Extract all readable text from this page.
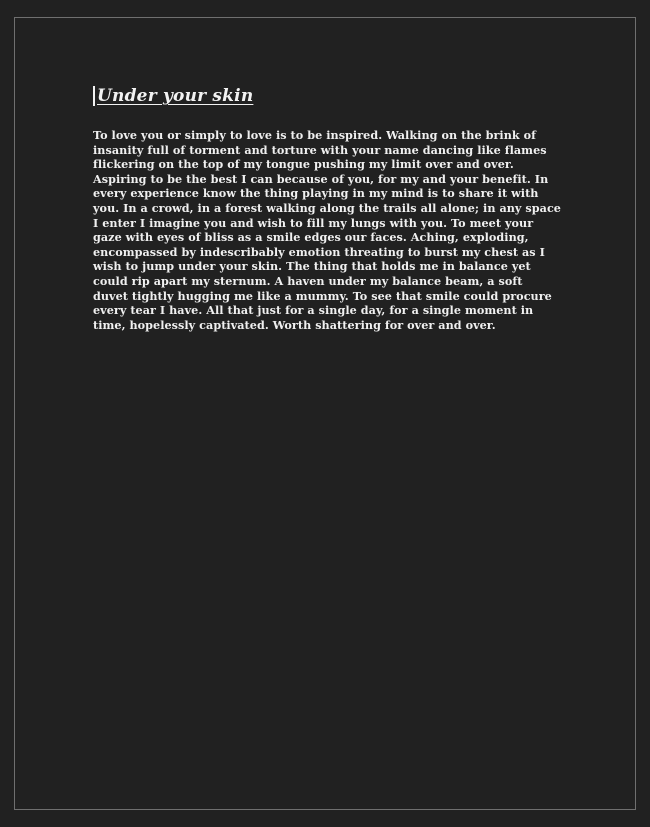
Under your skin

To love you or simply to love is to be inspired. Walking on the brink of insanity full of torment and torture with your name dancing like flames flickering on the top of my tongue pushing my limit over and over. Aspiring to be the best I can because of you, for my and your benefit. In every experience know the thing playing in my mind is to share it with you. In a crowd, in a forest walking along the trails all alone; in any space I enter I imagine you and wish to fill my lungs with you. To meet your gaze with eyes of bliss as a smile edges our faces. Aching, exploding, encompassed by indescribably emotion threating to burst my chest as I wish to jump under your skin. The thing that holds me in balance yet could rip apart my sternum. A haven under my balance beam, a soft duvet tightly hugging me like a mummy. To see that smile could procure every tear I have. All that just for a single day, for a single moment in time, hopelessly captivated. Worth shattering for over and over.
